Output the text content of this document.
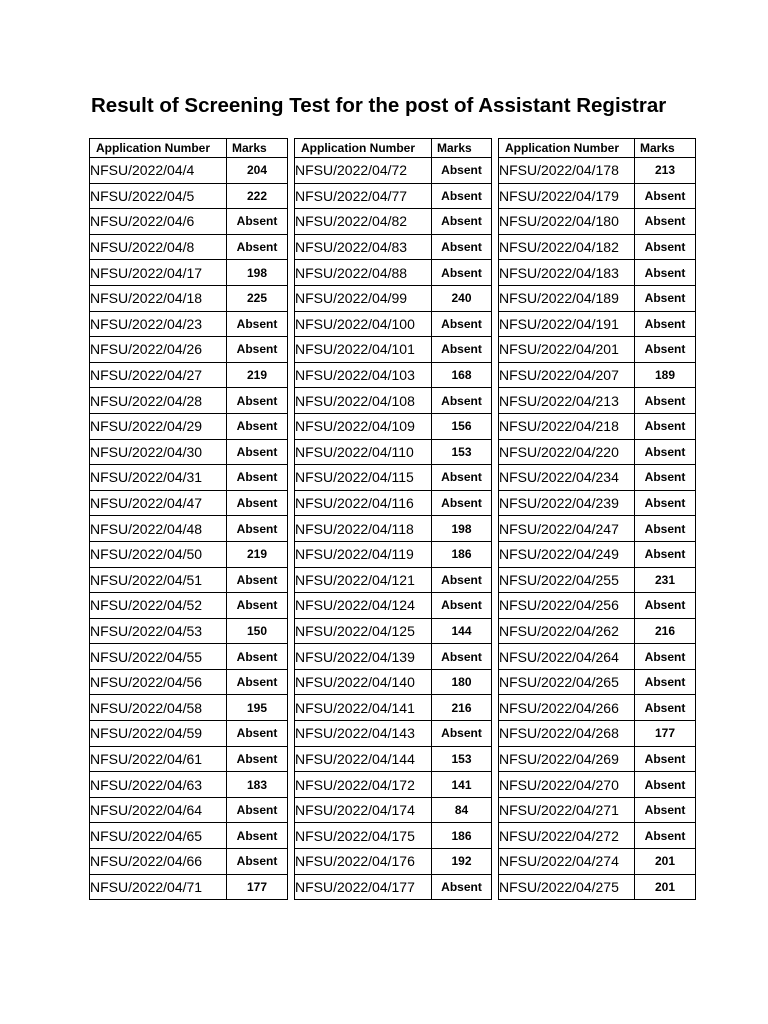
Result of Screening Test for the post of Assistant Registrar
Application Number	Marks
NFSU/2022/04/4	204
NFSU/2022/04/5	222
NFSU/2022/04/6	Absent
NFSU/2022/04/8	Absent
NFSU/2022/04/17	198
NFSU/2022/04/18	225
NFSU/2022/04/23	Absent
NFSU/2022/04/26	Absent
NFSU/2022/04/27	219
NFSU/2022/04/28	Absent
NFSU/2022/04/29	Absent
NFSU/2022/04/30	Absent
NFSU/2022/04/31	Absent
NFSU/2022/04/47	Absent
NFSU/2022/04/48	Absent
NFSU/2022/04/50	219
NFSU/2022/04/51	Absent
NFSU/2022/04/52	Absent
NFSU/2022/04/53	150
NFSU/2022/04/55	Absent
NFSU/2022/04/56	Absent
NFSU/2022/04/58	195
NFSU/2022/04/59	Absent
NFSU/2022/04/61	Absent
NFSU/2022/04/63	183
NFSU/2022/04/64	Absent
NFSU/2022/04/65	Absent
NFSU/2022/04/66	Absent
NFSU/2022/04/71	177
Application Number	Marks
NFSU/2022/04/72	Absent
NFSU/2022/04/77	Absent
NFSU/2022/04/82	Absent
NFSU/2022/04/83	Absent
NFSU/2022/04/88	Absent
NFSU/2022/04/99	240
NFSU/2022/04/100	Absent
NFSU/2022/04/101	Absent
NFSU/2022/04/103	168
NFSU/2022/04/108	Absent
NFSU/2022/04/109	156
NFSU/2022/04/110	153
NFSU/2022/04/115	Absent
NFSU/2022/04/116	Absent
NFSU/2022/04/118	198
NFSU/2022/04/119	186
NFSU/2022/04/121	Absent
NFSU/2022/04/124	Absent
NFSU/2022/04/125	144
NFSU/2022/04/139	Absent
NFSU/2022/04/140	180
NFSU/2022/04/141	216
NFSU/2022/04/143	Absent
NFSU/2022/04/144	153
NFSU/2022/04/172	141
NFSU/2022/04/174	84
NFSU/2022/04/175	186
NFSU/2022/04/176	192
NFSU/2022/04/177	Absent
Application Number	Marks
NFSU/2022/04/178	213
NFSU/2022/04/179	Absent
NFSU/2022/04/180	Absent
NFSU/2022/04/182	Absent
NFSU/2022/04/183	Absent
NFSU/2022/04/189	Absent
NFSU/2022/04/191	Absent
NFSU/2022/04/201	Absent
NFSU/2022/04/207	189
NFSU/2022/04/213	Absent
NFSU/2022/04/218	Absent
NFSU/2022/04/220	Absent
NFSU/2022/04/234	Absent
NFSU/2022/04/239	Absent
NFSU/2022/04/247	Absent
NFSU/2022/04/249	Absent
NFSU/2022/04/255	231
NFSU/2022/04/256	Absent
NFSU/2022/04/262	216
NFSU/2022/04/264	Absent
NFSU/2022/04/265	Absent
NFSU/2022/04/266	Absent
NFSU/2022/04/268	177
NFSU/2022/04/269	Absent
NFSU/2022/04/270	Absent
NFSU/2022/04/271	Absent
NFSU/2022/04/272	Absent
NFSU/2022/04/274	201
NFSU/2022/04/275	201
